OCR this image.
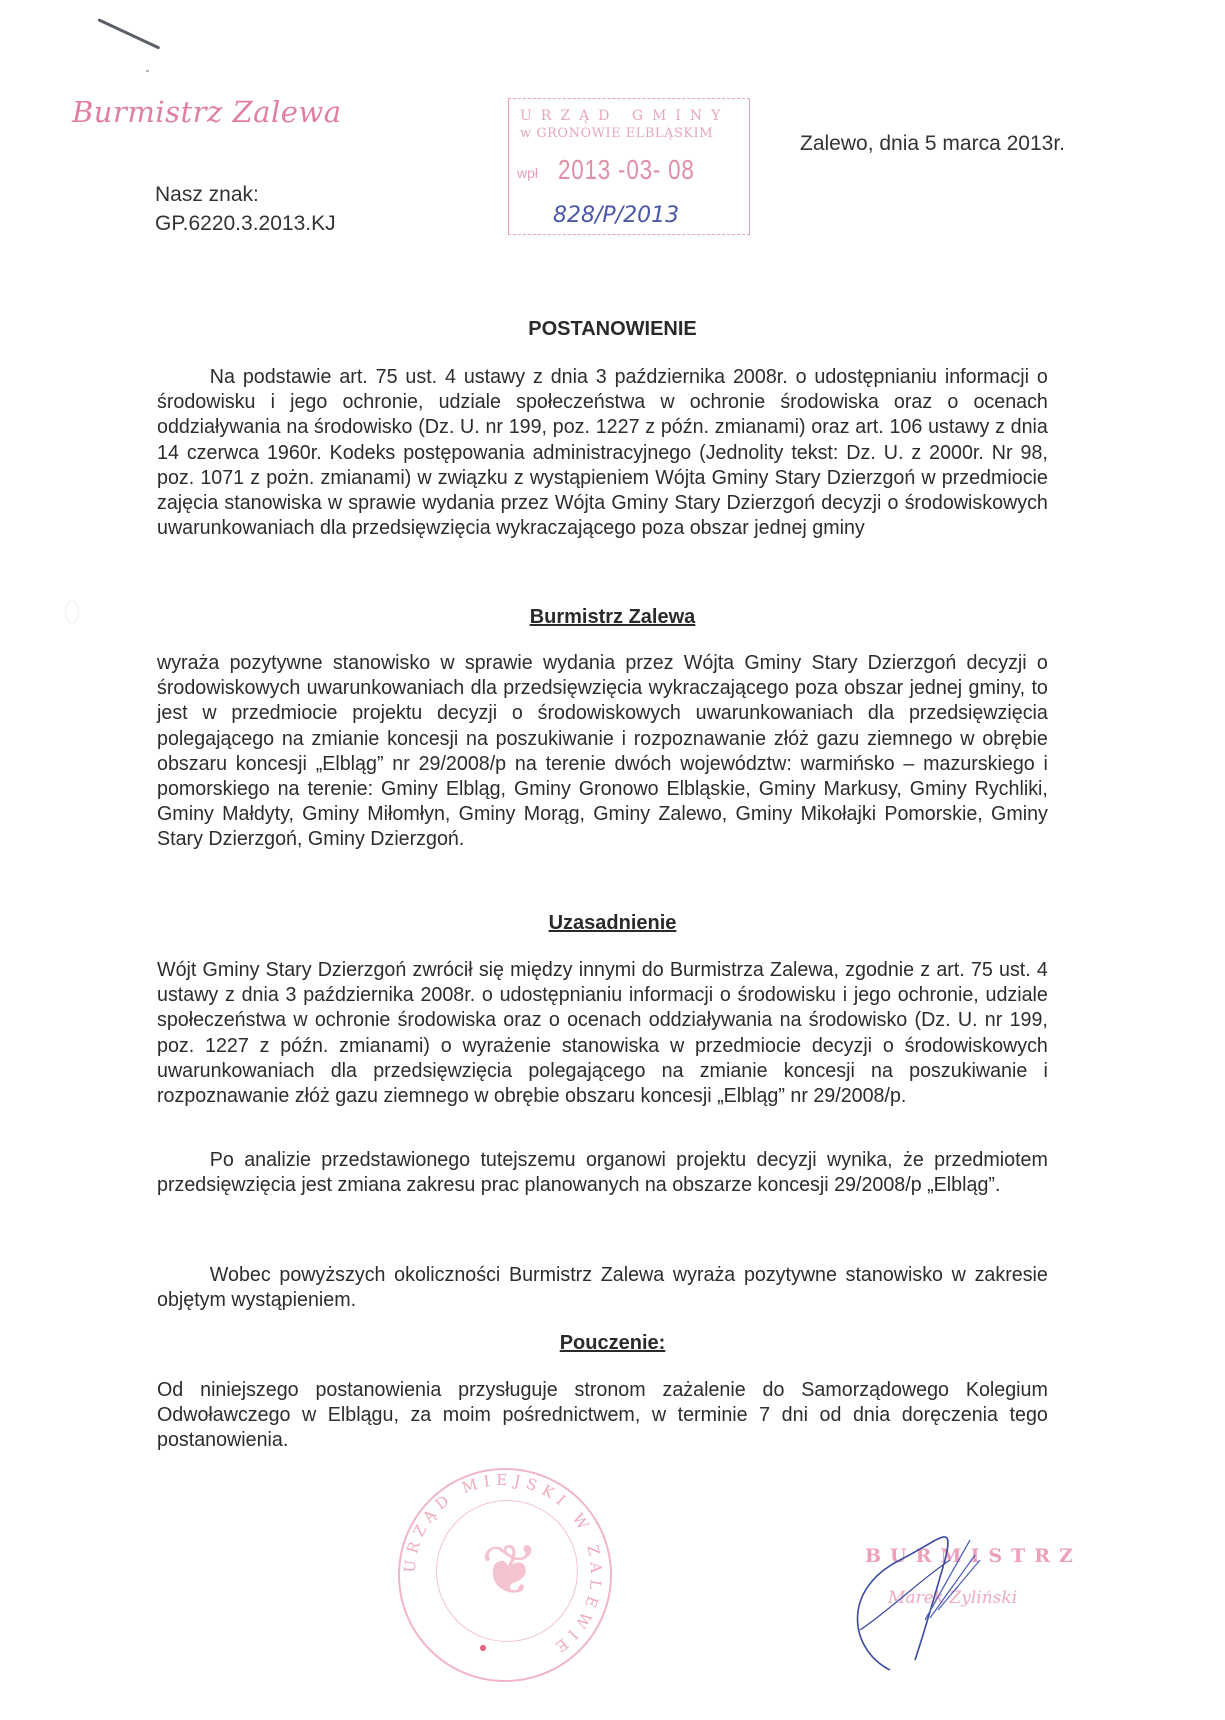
Burmistrz Zalewa
Nasz znak:
GP.6220.3.2013.KJ
Zalewo, dnia 5 marca 2013r.
URZĄD GMINY
w GRONOWIE ELBLĄSKIM
wpł 2013 -03- 08
828/P/2013
POSTANOWIENIE
Na podstawie art. 75 ust. 4 ustawy z dnia 3 października 2008r. o udostępnianiu informacji o środowisku i jego ochronie, udziale społeczeństwa w ochronie środowiska oraz o ocenach oddziaływania na środowisko (Dz. U. nr 199, poz. 1227 z późn. zmianami) oraz art. 106 ustawy z dnia 14 czerwca 1960r. Kodeks postępowania administracyjnego (Jednolity tekst: Dz. U. z 2000r. Nr 98, poz. 1071 z pożn. zmianami) w związku z wystąpieniem Wójta Gminy Stary Dzierzgoń w przedmiocie zajęcia stanowiska w sprawie wydania przez Wójta Gminy Stary Dzierzgoń decyzji o środowiskowych uwarunkowaniach dla przedsięwzięcia wykraczającego poza obszar jednej gminy
Burmistrz Zalewa
wyraża pozytywne stanowisko w sprawie wydania przez Wójta Gminy Stary Dzierzgoń decyzji o środowiskowych uwarunkowaniach dla przedsięwzięcia wykraczającego poza obszar jednej gminy, to jest w przedmiocie projektu decyzji o środowiskowych uwarunkowaniach dla przedsięwzięcia polegającego na zmianie koncesji na poszukiwanie i rozpoznawanie złóż gazu ziemnego w obrębie obszaru koncesji „Elbląg” nr 29/2008/p na terenie dwóch województw: warmińsko – mazurskiego i pomorskiego na terenie: Gminy Elbląg, Gminy Gronowo Elbląskie, Gminy Markusy, Gminy Rychliki, Gminy Małdyty, Gminy Miłomłyn, Gminy Morąg, Gminy Zalewo, Gminy Mikołajki Pomorskie, Gminy Stary Dzierzgoń, Gminy Dzierzgoń.
Uzasadnienie
Wójt Gminy Stary Dzierzgoń zwrócił się między innymi do Burmistrza Zalewa, zgodnie z art. 75 ust. 4 ustawy z dnia 3 października 2008r. o udostępnianiu informacji o środowisku i jego ochronie, udziale społeczeństwa w ochronie środowiska oraz o ocenach oddziaływania na środowisko (Dz. U. nr 199, poz. 1227 z późn. zmianami) o wyrażenie stanowiska w przedmiocie decyzji o środowiskowych uwarunkowaniach dla przedsięwzięcia polegającego na zmianie koncesji na poszukiwanie i rozpoznawanie złóż gazu ziemnego w obrębie obszaru koncesji „Elbląg” nr 29/2008/p.
Po analizie przedstawionego tutejszemu organowi projektu decyzji wynika, że przedmiotem przedsięwzięcia jest zmiana zakresu prac planowanych na obszarze koncesji 29/2008/p „Elbląg”.
Wobec powyższych okoliczności Burmistrz Zalewa wyraża pozytywne stanowisko w zakresie objętym wystąpieniem.
Pouczenie:
Od niniejszego postanowienia przysługuje stronom zażalenie do Samorządowego Kolegium Odwoławczego w Elblągu, za moim pośrednictwem, w terminie 7 dni od dnia doręczenia tego postanowienia.
URZĄD MIEJSKI W ZALEWIE
❦	BURMISTRZ
Marek Żyliński
